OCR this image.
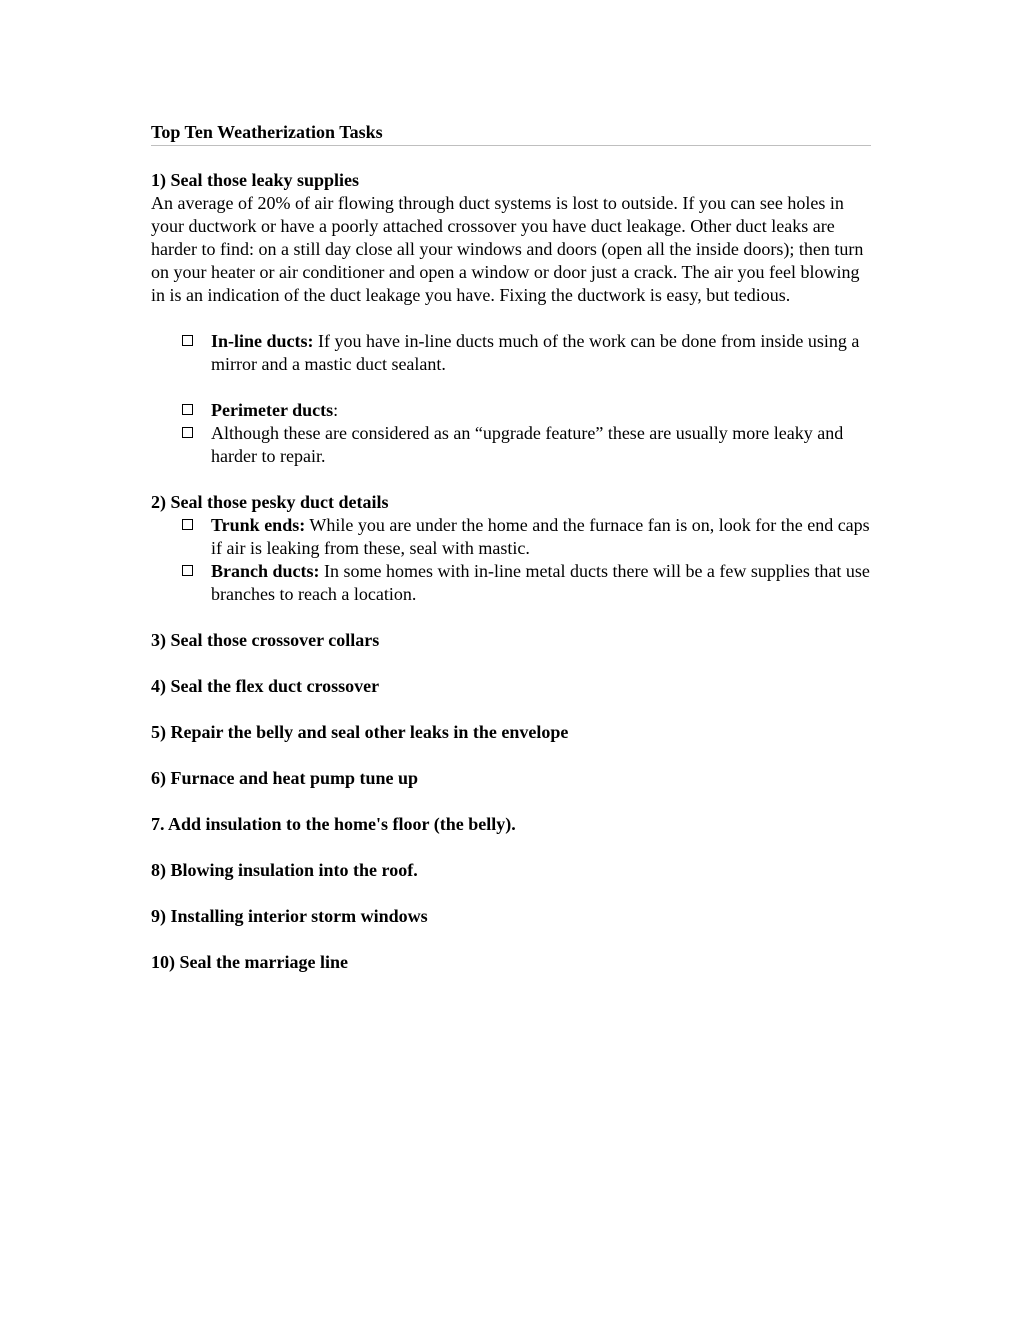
Top Ten Weatherization Tasks

1) Seal those leaky supplies

An average of 20% of air flowing through duct systems is lost to outside. If you can see holes in your ductwork or have a poorly attached crossover you have duct leakage. Other duct leaks are harder to find: on a still day close all your windows and doors (open all the inside doors); then turn on your heater or air conditioner and open a window or door just a crack. The air you feel blowing in is an indication of the duct leakage you have. Fixing the ductwork is easy, but tedious.

In-line ducts: If you have in-line ducts much of the work can be done from inside using a mirror and a mastic duct sealant.
Perimeter ducts:
Although these are considered as an “upgrade feature” these are usually more leaky and harder to repair.

2) Seal those pesky duct details

Trunk ends: While you are under the home and the furnace fan is on, look for the end caps if air is leaking from these, seal with mastic.
Branch ducts: In some homes with in-line metal ducts there will be a few supplies that use branches to reach a location.

3) Seal those crossover collars

4) Seal the flex duct crossover

5) Repair the belly and seal other leaks in the envelope

6) Furnace and heat pump tune up

7. Add insulation to the home's floor (the belly).

8) Blowing insulation into the roof.

9) Installing interior storm windows

10) Seal the marriage line
